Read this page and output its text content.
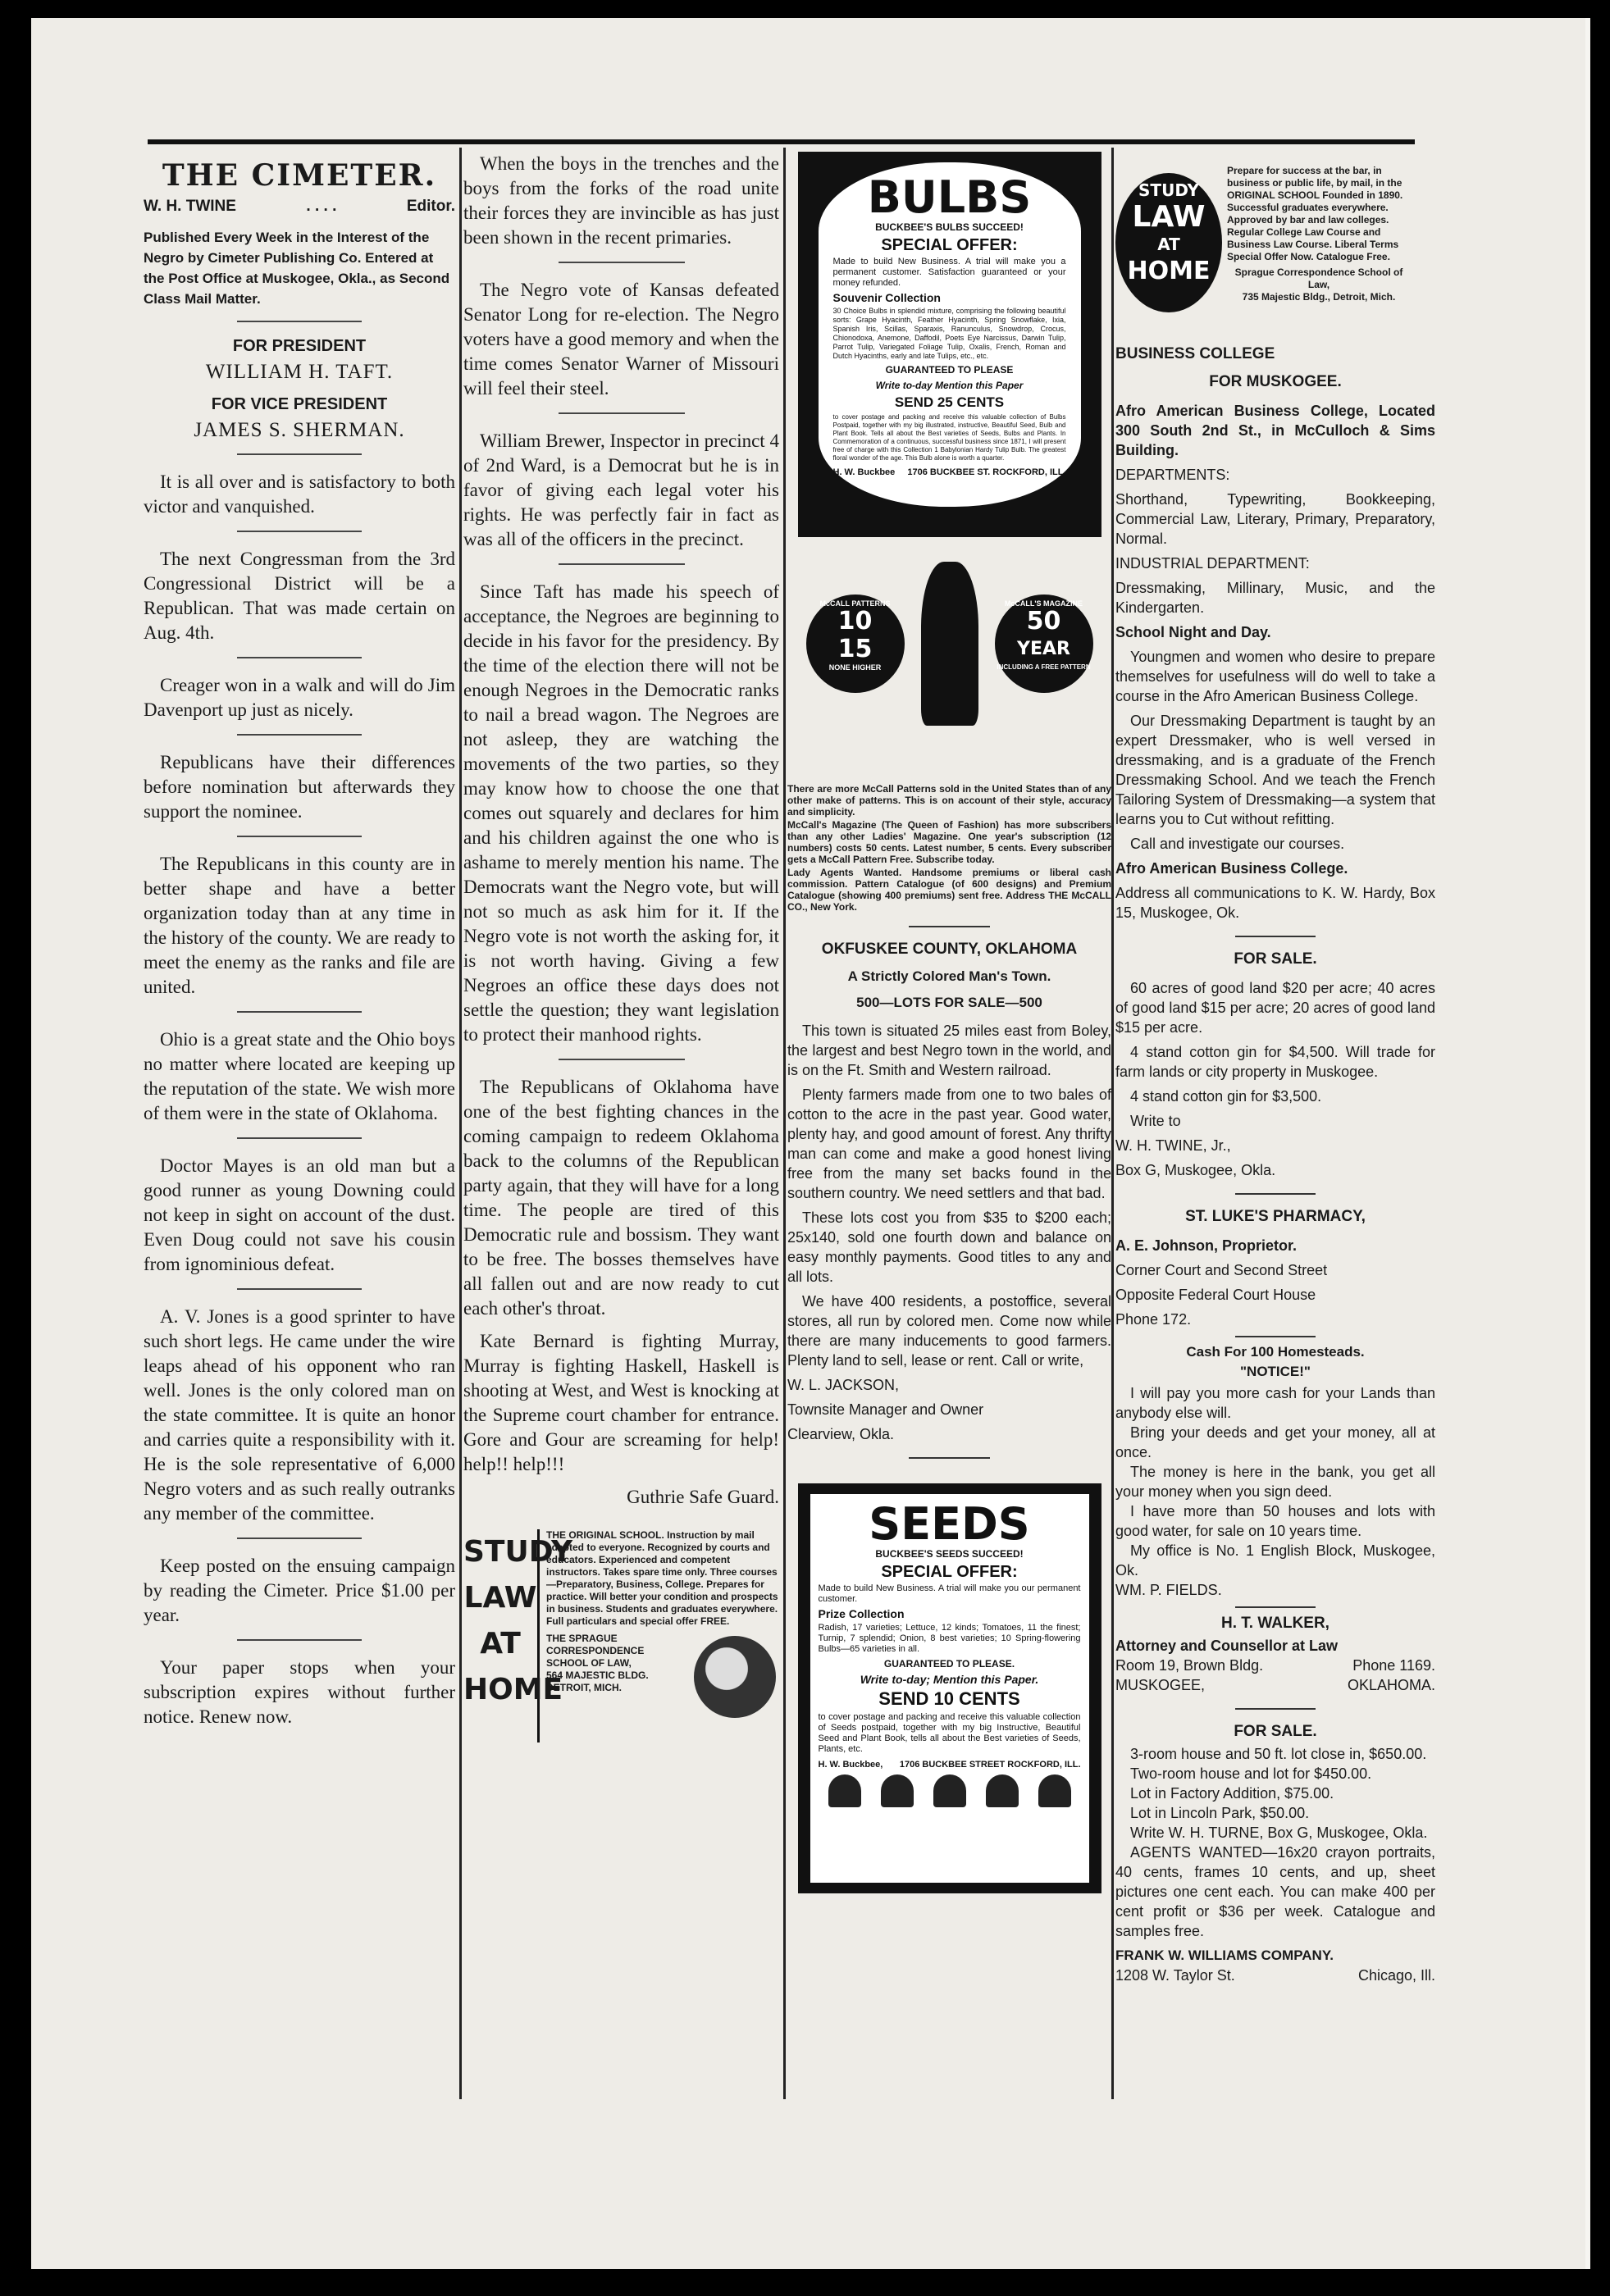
THE CIMETER.
W. H. TWINE	. . . .	Editor.

Published Every Week in the Interest of the Negro by Cimeter Publishing Co. Entered at the Post Office at Muskogee, Okla., as Second Class Mail Matter.

FOR PRESIDENT
WILLIAM H. TAFT.
FOR VICE PRESIDENT
JAMES S. SHERMAN.

It is all over and is satisfactory to both victor and vanquished.

The next Congressman from the 3rd Congressional District will be a Republican. That was made certain on Aug. 4th.

Creager won in a walk and will do Jim Davenport up just as nicely.

Republicans have their differences before nomination but afterwards they support the nominee.

The Republicans in this county are in better shape and have a better organization today than at any time in the history of the county. We are ready to meet the enemy as the ranks and file are united.

Ohio is a great state and the Ohio boys no matter where located are keeping up the reputation of the state. We wish more of them were in the state of Oklahoma.

Doctor Mayes is an old man but a good runner as young Downing could not keep in sight on account of the dust. Even Doug could not save his cousin from ignominious defeat.

A. V. Jones is a good sprinter to have such short legs. He came under the wire leaps ahead of his opponent who ran well. Jones is the only colored man on the state committee. It is quite an honor and carries quite a responsibility with it. He is the sole representative of 6,000 Negro voters and as such really outranks any member of the committee.

Keep posted on the ensuing campaign by reading the Cimeter. Price $1.00 per year.

Your paper stops when your subscription expires without further notice. Renew now.

When the boys in the trenches and the boys from the forks of the road unite their forces they are invincible as has just been shown in the recent primaries.

The Negro vote of Kansas defeated Senator Long for re-election. The Negro voters have a good memory and when the time comes Senator Warner of Missouri will feel their steel.

William Brewer, Inspector in precinct 4 of 2nd Ward, is a Democrat but he is in favor of giving each legal voter his rights. He was perfectly fair in fact as was all of the officers in the precinct.

Since Taft has made his speech of acceptance, the Negroes are beginning to decide in his favor for the presidency. By the time of the election there will not be enough Negroes in the Democratic ranks to nail a bread wagon. The Negroes are not asleep, they are watching the movements of the two parties, so they may know how to choose the one that comes out squarely and declares for him and his children against the one who is ashame to merely mention his name. The Democrats want the Negro vote, but will not so much as ask him for it. If the Negro vote is not worth the asking for, it is not worth having. Giving a few Negroes an office these days does not settle the question; they want legislation to protect their manhood rights.

The Republicans of Oklahoma have one of the best fighting chances in the coming campaign to redeem Oklahoma back to the columns of the Republican party again, that they will have for a long time. The people are tired of this Democratic rule and bossism. They want to be free. The bosses themselves have all fallen out and are now ready to cut each other's throat.

Kate Bernard is fighting Murray, Murray is fighting Haskell, Haskell is shooting at West, and West is knocking at the Supreme court chamber for entrance. Gore and Gour are screaming for help! help!! help!!!

Guthrie Safe Guard.

STUDY
LAW
AT
HOME
THE ORIGINAL SCHOOL. Instruction by mail adapted to everyone. Recognized by courts and educators. Experienced and competent instructors. Takes spare time only. Three courses—Preparatory, Business, College. Prepares for practice. Will better your condition and prospects in business. Students and graduates everywhere. Full particulars and special offer FREE.
THE SPRAGUE CORRESPONDENCE SCHOOL OF LAW,
564 MAJESTIC BLDG. DETROIT, MICH.
BULBS
BUCKBEE'S BULBS SUCCEED!
SPECIAL OFFER:
Made to build New Business. A trial will make you a permanent customer. Satisfaction guaranteed or your money refunded.
Souvenir Collection
30 Choice Bulbs in splendid mixture, comprising the following beautiful sorts: Grape Hyacinth, Feather Hyacinth, Spring Snowflake, Ixia, Spanish Iris, Scillas, Sparaxis, Ranunculus, Snowdrop, Crocus, Chionodoxa, Anemone, Daffodil, Poets Eye Narcissus, Darwin Tulip, Parrot Tulip, Variegated Foliage Tulip, Oxalis, French, Roman and Dutch Hyacinths, early and late Tulips, etc., etc.
GUARANTEED TO PLEASE
Write to-day Mention this Paper
SEND 25 CENTS
to cover postage and packing and receive this valuable collection of Bulbs Postpaid, together with my big illustrated, instructive, Beautiful Seed, Bulb and Plant Book. Tells all about the Best varieties of Seeds, Bulbs and Plants. In Commemoration of a continuous, successful business since 1871, I will present free of charge with this Collection 1 Babylonian Hardy Tulip Bulb. The greatest floral wonder of the age. This Bulb alone is worth a quarter.
H. W. Buckbee 1706 BUCKBEE ST. ROCKFORD, ILL.
McCALL PATTERNS
10
15
NONE HIGHER
McCALL'S MAGAZINE
50
YEAR
INCLUDING A FREE PATTERN
There are more McCall Patterns sold in the United States than of any other make of patterns. This is on account of their style, accuracy and simplicity.
McCall's Magazine (The Queen of Fashion) has more subscribers than any other Ladies' Magazine. One year's subscription (12 numbers) costs 50 cents. Latest number, 5 cents. Every subscriber gets a McCall Pattern Free. Subscribe today.
Lady Agents Wanted. Handsome premiums or liberal cash commission. Pattern Catalogue (of 600 designs) and Premium Catalogue (showing 400 premiums) sent free. Address THE McCALL CO., New York.
OKFUSKEE COUNTY, OKLAHOMA
A Strictly Colored Man's Town.
500—LOTS FOR SALE—500

This town is situated 25 miles east from Boley, the largest and best Negro town in the world, and is on the Ft. Smith and Western railroad.

Plenty farmers made from one to two bales of cotton to the acre in the past year. Good water, plenty hay, and good amount of forest. Any thrifty man can come and make a good honest living free from the many set backs found in the southern country. We need settlers and that bad.

These lots cost you from $35 to $200 each; 25x140, sold one fourth down and balance on easy monthly payments. Good titles to any and all lots.

We have 400 residents, a postoffice, several stores, all run by colored men. Come now while there are many inducements to good farmers. Plenty land to sell, lease or rent. Call or write,

W. L. JACKSON,
Townsite Manager and Owner
Clearview, Okla.
SEEDS
BUCKBEE'S SEEDS SUCCEED!
SPECIAL OFFER:
Made to build New Business. A trial will make you our permanent customer.
Prize Collection
Radish, 17 varieties; Lettuce, 12 kinds; Tomatoes, 11 the finest; Turnip, 7 splendid; Onion, 8 best varieties; 10 Spring-flowering Bulbs—65 varieties in all.
GUARANTEED TO PLEASE.
Write to-day; Mention this Paper.
SEND 10 CENTS
to cover postage and packing and receive this valuable collection of Seeds postpaid, together with my big Instructive, Beautiful Seed and Plant Book, tells all about the Best varieties of Seeds, Plants, etc.
H. W. Buckbee, 1706 BUCKBEE STREET ROCKFORD, ILL.
STUDY
LAW
AT
HOME
Prepare for success at the bar, in business or public life, by mail, in the ORIGINAL SCHOOL Founded in 1890. Successful graduates everywhere. Approved by bar and law colleges. Regular College Law Course and Business Law Course. Liberal Terms Special Offer Now. Catalogue Free.
Sprague Correspondence School of Law,
735 Majestic Bldg., Detroit, Mich.
BUSINESS COLLEGE
FOR MUSKOGEE.

Afro American Business College, Located 300 South 2nd St., in McCulloch & Sims Building.

DEPARTMENTS:

Shorthand, Typewriting, Bookkeeping, Commercial Law, Literary, Primary, Preparatory, Normal.

INDUSTRIAL DEPARTMENT:

Dressmaking, Millinary, Music, and the Kindergarten.

School Night and Day.

Youngmen and women who desire to prepare themselves for usefulness will do well to take a course in the Afro American Business College.

Our Dressmaking Department is taught by an expert Dressmaker, who is well versed in dressmaking, and is a graduate of the French Dressmaking School. And we teach the French Tailoring System of Dressmaking—a system that learns you to Cut without refitting.

Call and investigate our courses.

Afro American Business College.

Address all communications to K. W. Hardy, Box 15, Muskogee, Ok.

FOR SALE.

60 acres of good land $20 per acre; 40 acres of good land $15 per acre; 20 acres of good land $15 per acre.

4 stand cotton gin for $4,500. Will trade for farm lands or city property in Muskogee.

4 stand cotton gin for $3,500.

Write to

W. H. TWINE, Jr.,
Box G, Muskogee, Okla.
ST. LUKE'S PHARMACY,
A. E. Johnson, Proprietor.
Corner Court and Second Street
Opposite Federal Court House
Phone 172.
Cash For 100 Homesteads.
"NOTICE!"

I will pay you more cash for your Lands than anybody else will.

Bring your deeds and get your money, all at once.

The money is here in the bank, you get all your money when you sign deed.

I have more than 50 houses and lots with good water, for sale on 10 years time.

My office is No. 1 English Block, Muskogee, Ok.

WM. P. FIELDS.
H. T. WALKER,
Attorney and Counsellor at Law
Room 19, Brown Bldg.	Phone 1169.
MUSKOGEE,	OKLAHOMA.
FOR SALE.

3-room house and 50 ft. lot close in, $650.00.

Two-room house and lot for $450.00.

Lot in Factory Addition, $75.00.

Lot in Lincoln Park, $50.00.

Write W. H. TURNE, Box G, Muskogee, Okla.

AGENTS WANTED—16x20 crayon portraits, 40 cents, frames 10 cents, and up, sheet pictures one cent each. You can make 400 per cent profit or $36 per week. Catalogue and samples free.

FRANK W. WILLIAMS COMPANY.
1208 W. Taylor St.	Chicago, Ill.
